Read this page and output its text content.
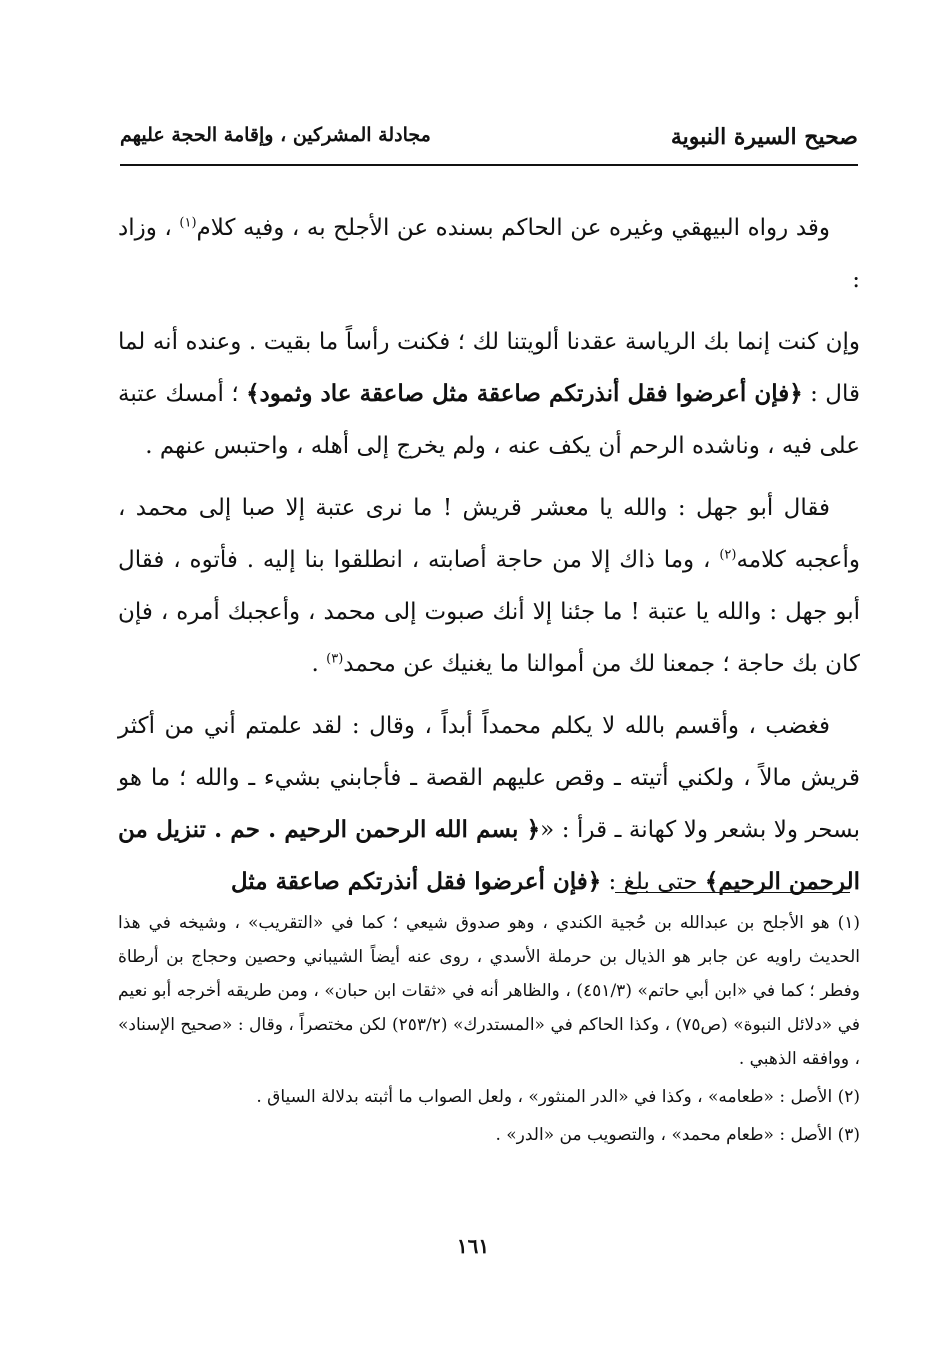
صحيح السيرة النبوية
مجادلة المشركين ، وإقامة الحجة عليهم

وقد رواه البيهقي وغيره عن الحاكم بسنده عن الأجلح به ، وفيه كلام$^{(١)}$ ، وزاد :

وإن كنت إنما بك الرياسة عقدنا ألويتنا لك ؛ فكنت رأساً ما بقيت . وعنده أنه لما قال : ﴿فإن أعرضوا فقل أنذرتكم صاعقة مثل صاعقة عاد وثمود﴾ ؛ أمسك عتبة على فيه ، وناشده الرحم أن يكف عنه ، ولم يخرج إلى أهله ، واحتبس عنهم .

فقال أبو جهل : والله يا معشر قريش ! ما نرى عتبة إلا صبا إلى محمد ، وأعجبه كلامه$^{(٢)}$ ، وما ذاك إلا من حاجة أصابته ، انطلقوا بنا إليه . فأتوه ، فقال أبو جهل : والله يا عتبة ! ما جئنا إلا أنك صبوت إلى محمد ، وأعجبك أمره ، فإن كان بك حاجة ؛ جمعنا لك من أموالنا ما يغنيك عن محمد$^{(٣)}$ .

فغضب ، وأقسم بالله لا يكلم محمداً أبداً ، وقال : لقد علمتم أني من أكثر قريش مالاً ، ولكني أتيته ـ وقص عليهم القصة ـ فأجابني بشيء ـ والله ؛ ما هو بسحر ولا بشعر ولا كهانة ـ قرأ : «﴿ بسم الله الرحمن الرحيم . حم . تنزيل من الرحمن الرحيم﴾ حتى بلغ : ﴿فإن أعرضوا فقل أنذرتكم صاعقة مثل

(١) هو الأجلح بن عبدالله بن حُجية الكندي ، وهو صدوق شيعي ؛ كما في «التقريب» ، وشيخه في هذا الحديث راويه عن جابر هو الذيال بن حرملة الأسدي ، روى عنه أيضاً الشيباني وحصين وحجاج بن أرطاة وفطر ؛ كما في «ابن أبي حاتم» (٤٥١/٣) ، والظاهر أنه في «ثقات ابن حبان» ، ومن طريقه أخرجه أبو نعيم في «دلائل النبوة» (ص٧٥) ، وكذا الحاكم في «المستدرك» (٢٥٣/٢) لكن مختصراً ، وقال : «صحيح الإسناد» ، ووافقه الذهبي .

(٢) الأصل : «طعامه» ، وكذا في «الدر المنثور» ، ولعل الصواب ما أثبته بدلالة السياق .

(٣) الأصل : «طعام محمد» ، والتصويب من «الدر» .

١٦١
